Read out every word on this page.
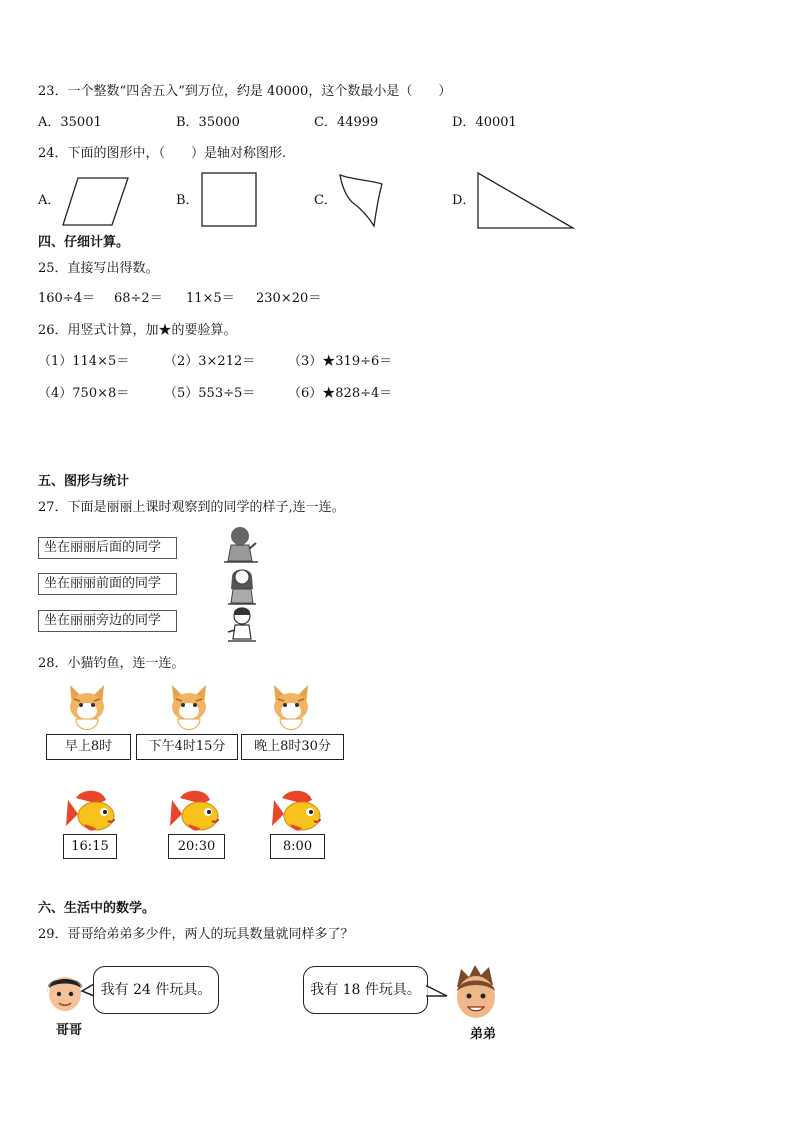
23．一个整数“四舍五入”到万位，约是 40000，这个数最小是（　　）
A．35001	B．35000	C．44999	D．40001
24．下面的图形中，（　　）是轴对称图形.
A．	B．	C．	D．
四、仔细计算。
25．直接写出得数。
160÷4＝ 68÷2＝ 11×5＝ 230×20＝
26．用竖式计算，加★的要验算。
（1）114×5＝	（2）3×212＝	（3）★319÷6＝
（4）750×8＝	（5）553÷5＝	（6）★828÷4＝
五、图形与统计
27．下面是丽丽上课时观察到的同学的样子,连一连。
坐在丽丽后面的同学
坐在丽丽前面的同学
坐在丽丽旁边的同学
28．小猫钓鱼，连一连。
早上8时	下午4时15分	晚上8时30分
16:15	20:30	8:00
六、生活中的数学。
29．哥哥给弟弟多少件，两人的玩具数量就同样多了？
哥哥
我有 24 件玩具。	我有 18 件玩具。
弟弟
